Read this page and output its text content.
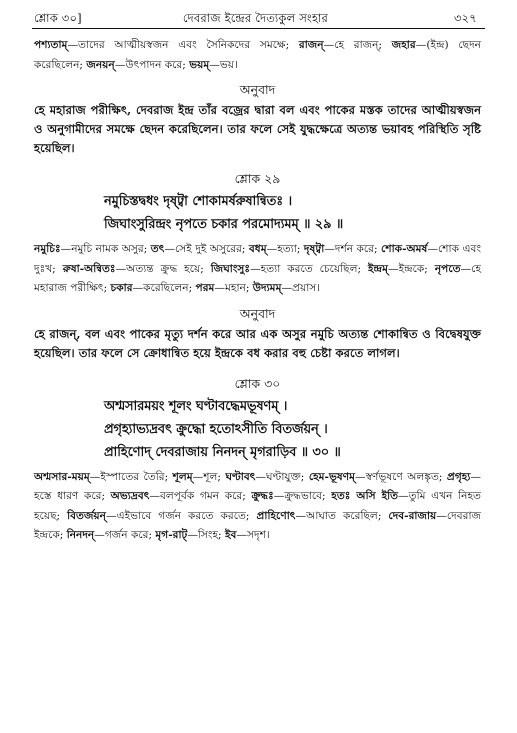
শ্লোক ৩০]	দেবরাজ ইন্দ্রের দৈত্যকুল সংহার	৩২৭

পশ্যতাম্—তাদের আত্মীয়স্বজন এবং সৈনিকদের সমক্ষে; রাজন্—হে রাজন্; জহার—(ইন্দ্র) ছেদন করেছিলেন; জনয়ন্—উৎপাদন করে; ভয়ম্—ভয়।

অনুবাদ

হে মহারাজ পরীক্ষিৎ, দেবরাজ ইন্দ্র তাঁর বজ্রের দ্বারা বল এবং পাকের মস্তক তাদের আত্মীয়স্বজন ও অনুগামীদের সমক্ষে ছেদন করেছিলেন। তার ফলে সেই যুদ্ধক্ষেত্রে অত্যন্ত ভয়াবহ পরিস্থিতি সৃষ্টি হয়েছিল।

শ্লোক ২৯

নমুচিস্তদ্বধং দৃষ্ট্বা শোকামর্ষরুষান্বিতঃ ।

জিঘাংসুরিন্দ্রং নৃপতে চকার পরমোদ্যমম্ ॥ ২৯ ॥

নমুচিঃ—নমুচি নামক অসুর; তৎ—সেই দুই অসুরের; বধম্—হত্যা; দৃষ্ট্বা—দর্শন করে; শোক-অমর্ষ—শোক এবং দুঃখ; রুষা-অন্বিতঃ—অত্যন্ত ক্রুদ্ধ হয়ে; জিঘাংসুঃ—হত্যা করতে চেয়েছিল; ইন্দ্রম্—ইন্দ্রকে; নৃপতে—হে মহারাজ পরীক্ষিৎ; চকার—করেছিলেন; পরম—মহান; উদ্যমম্—প্রয়াস।

অনুবাদ

হে রাজন্, বল এবং পাকের মৃত্যু দর্শন করে আর এক অসুর নমুচি অত্যন্ত শোকান্বিত ও বিদ্বেষযুক্ত হয়েছিল। তার ফলে সে ক্রোধান্বিত হয়ে ইন্দ্রকে বধ করার বহু চেষ্টা করতে লাগল।

শ্লোক ৩০

অশ্মসারময়ং শূলং ঘণ্টাবদ্ধেমভূষণম্ ।

প্রগৃহ্যাভ্যদ্রবৎ ক্রুদ্ধো হতোঽসীতি বিতর্জয়ন্ ।

প্রাহিণোদ্ দেবরাজায় নিনদন্ মৃগরাড়িব ॥ ৩০ ॥

অশ্মসার-ময়ম্—ইস্পাতের তৈরি; শূলম্—শূল; ঘণ্টাবৎ—ঘণ্টাযুক্ত; হেম-ভূষণম্—স্বর্ণভূষণে অলঙ্কৃত; প্রগৃহ্য—হস্তে ধারণ করে; অভ্যদ্রবৎ—বলপূর্বক গমন করে; ক্রুদ্ধঃ—ক্রুদ্ধভাবে; হতঃ অসি ইতি—তুমি এখন নিহত হয়েছ; বিতর্জয়ন্—এইভাবে গর্জন করতে করতে; প্রাহিণোৎ—আঘাত করেছিল; দেব-রাজায়—দেবরাজ ইন্দ্রকে; নিনদন্—গর্জন করে; মৃগ-রাট্—সিংহ; ইব—সদৃশ।
